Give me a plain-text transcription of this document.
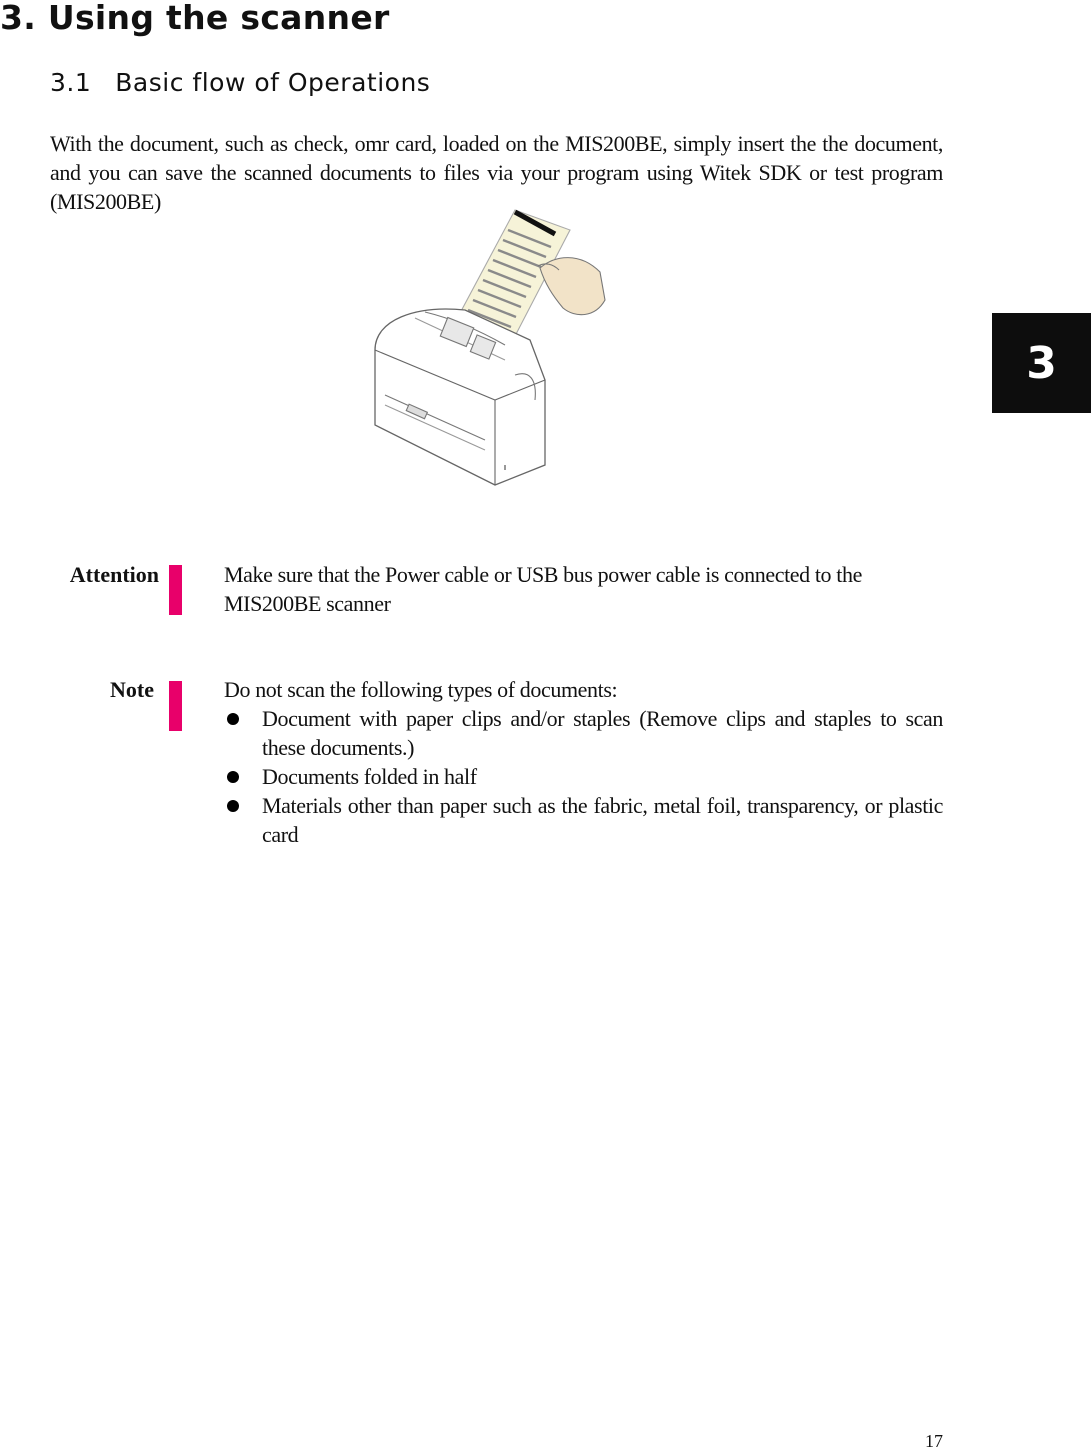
3. Using the scanner
3.1 Basic flow of Operations

With the document, such as check, omr card, loaded on the MIS200BE, simply insert the the document, and you can save the scanned documents to files via your program using Witek SDK or test program (MIS200BE)

3
Attention	Make sure that the Power cable or USB bus power cable is connected to the MIS200BE scanner

Note	Do not scan the following types of documents:
Document with paper clips and/or staples (Remove clips and staples to scan these documents.)
Documents folded in half
Materials other than paper such as the fabric, metal foil, transparency, or plastic card
17
